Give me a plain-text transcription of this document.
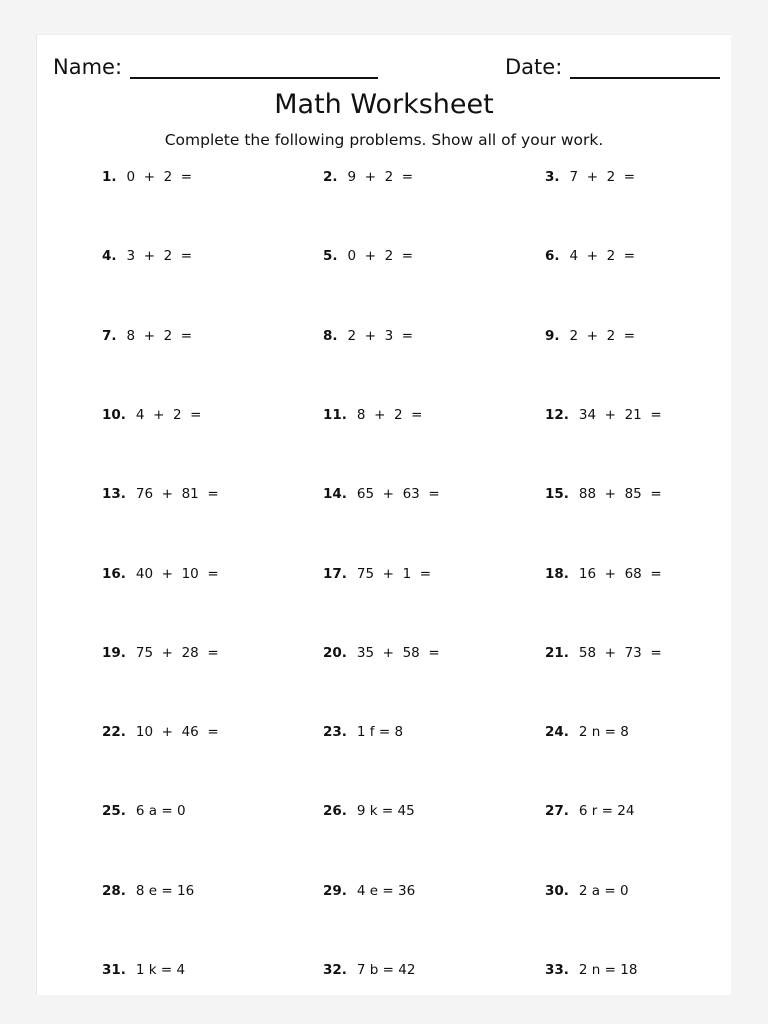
Name:	Date:
Math Worksheet
Complete the following problems. Show all of your work.
1. 0  +  2  =	2. 9  +  2  =	3. 7  +  2  =
4. 3  +  2  =	5. 0  +  2  =	6. 4  +  2  =
7. 8  +  2  =	8. 2  +  3  =	9. 2  +  2  =
10. 4  +  2  =	11. 8  +  2  =	12. 34  +  21  =
13. 76  +  81  =	14. 65  +  63  =	15. 88  +  85  =
16. 40  +  10  =	17. 75  +  1  =	18. 16  +  68  =
19. 75  +  28  =	20. 35  +  58  =	21. 58  +  73  =
22. 10  +  46  =	23. 1 f = 8	24. 2 n = 8
25. 6 a = 0	26. 9 k = 45	27. 6 r = 24
28. 8 e = 16	29. 4 e = 36	30. 2 a = 0
31. 1 k = 4	32. 7 b = 42	33. 2 n = 18
